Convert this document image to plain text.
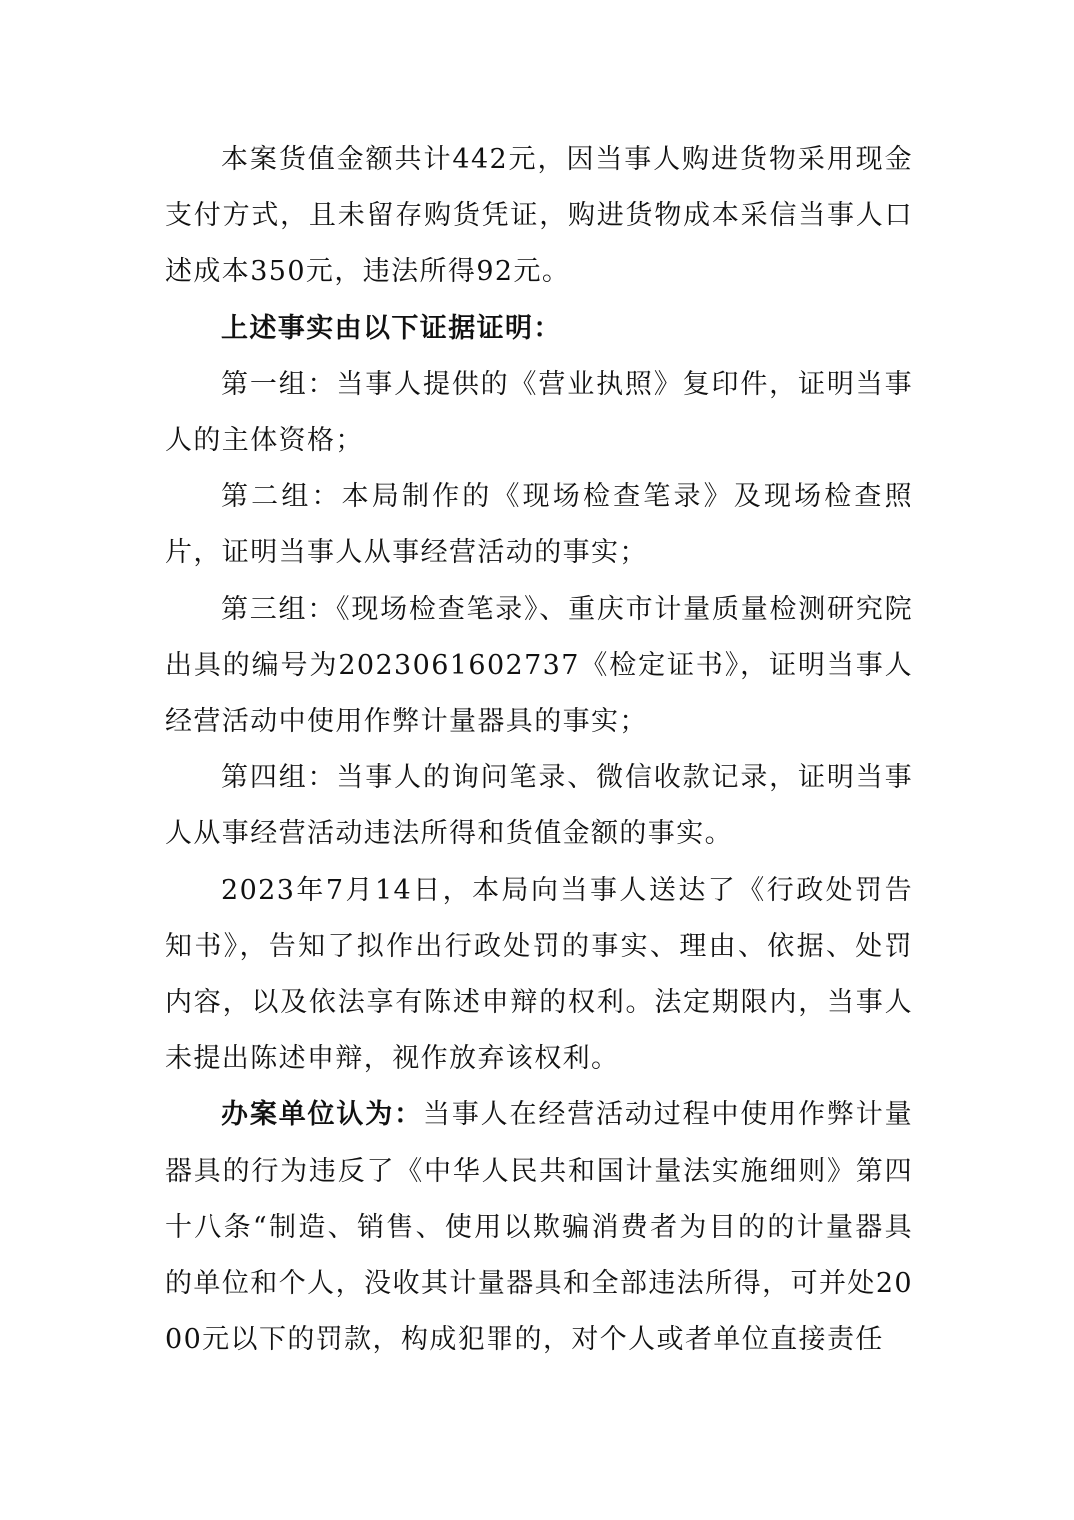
本案货值金额共计442元，因当事人购进货物采用现金支付方式，且未留存购货凭证，购进货物成本采信当事人口述成本350元，违法所得92元。

上述事实由以下证据证明：

第一组：当事人提供的《营业执照》复印件，证明当事人的主体资格；

第二组：本局制作的《现场检查笔录》及现场检查照片，证明当事人从事经营活动的事实；

第三组：《现场检查笔录》、重庆市计量质量检测研究院出具的编号为2023061602737《检定证书》，证明当事人经营活动中使用作弊计量器具的事实；

第四组：当事人的询问笔录、微信收款记录，证明当事人从事经营活动违法所得和货值金额的事实。

2023年7月14日，本局向当事人送达了《行政处罚告知书》，告知了拟作出行政处罚的事实、理由、依据、处罚内容，以及依法享有陈述申辩的权利。法定期限内，当事人未提出陈述申辩，视作放弃该权利。

办案单位认为：当事人在经营活动过程中使用作弊计量器具的行为违反了《中华人民共和国计量法实施细则》第四十八条“制造、销售、使用以欺骗消费者为目的的计量器具的单位和个人，没收其计量器具和全部违法所得，可并处2000元以下的罚款，构成犯罪的，对个人或者单位直接责任
